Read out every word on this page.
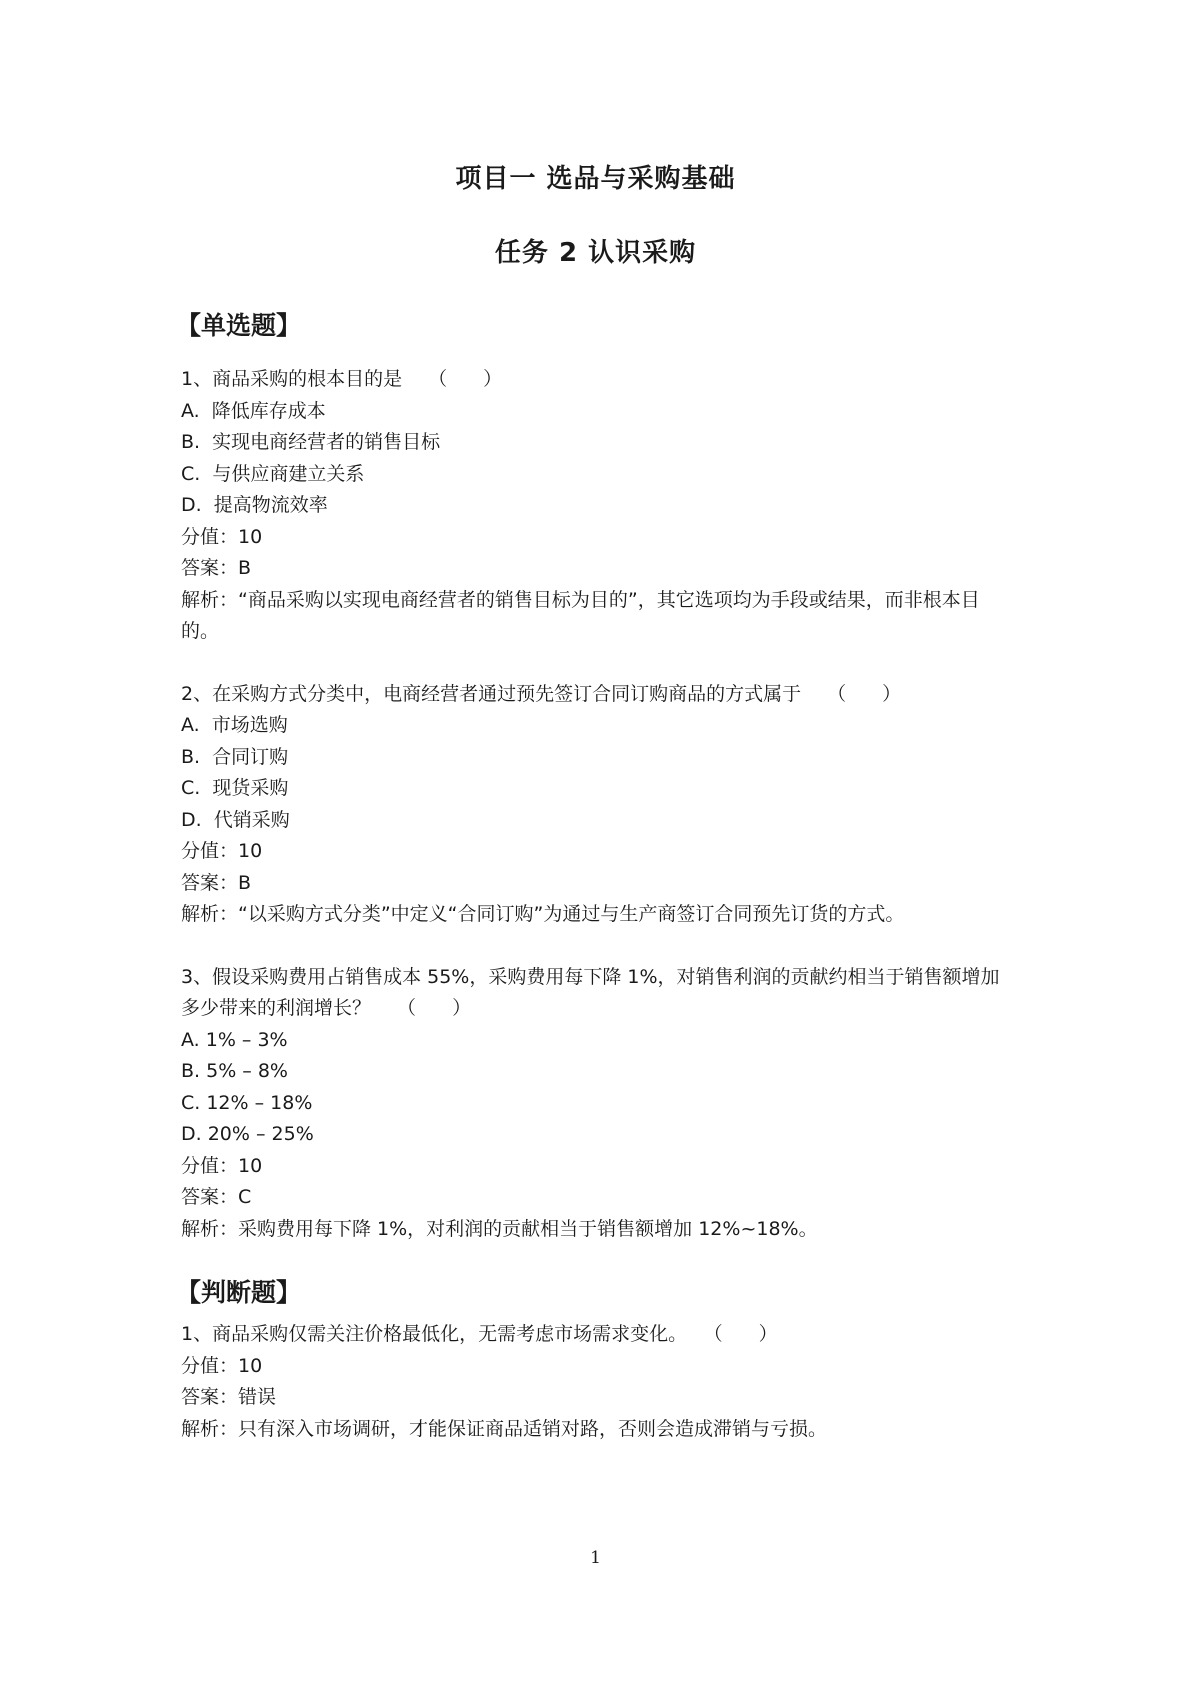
项目一 选品与采购基础
任务 2 认识采购
【单选题】

1、商品采购的根本目的是 （  ）

A.  降低库存成本

B.  实现电商经营者的销售目标

C.  与供应商建立关系

D.  提高物流效率

分值：10

答案：B

解析：“商品采购以实现电商经营者的销售目标为目的”，其它选项均为手段或结果，而非根本目的。

2、在采购方式分类中，电商经营者通过预先签订合同订购商品的方式属于 （  ）

A.  市场选购

B.  合同订购

C.  现货采购

D.  代销采购

分值：10

答案：B

解析：“以采购方式分类”中定义“合同订购”为通过与生产商签订合同预先订货的方式。

3、假设采购费用占销售成本 55%，采购费用每下降 1%，对销售利润的贡献约相当于销售额增加多少带来的利润增长？ （  ）

A. 1% – 3%

B. 5% – 8%

C. 12% – 18%

D. 20% – 25%

分值：10

答案：C

解析：采购费用每下降 1%，对利润的贡献相当于销售额增加 12%~18%。

【判断题】

1、商品采购仅需关注价格最低化，无需考虑市场需求变化。 （  ）

分值：10

答案：错误

解析：只有深入市场调研，才能保证商品适销对路，否则会造成滞销与亏损。

1
